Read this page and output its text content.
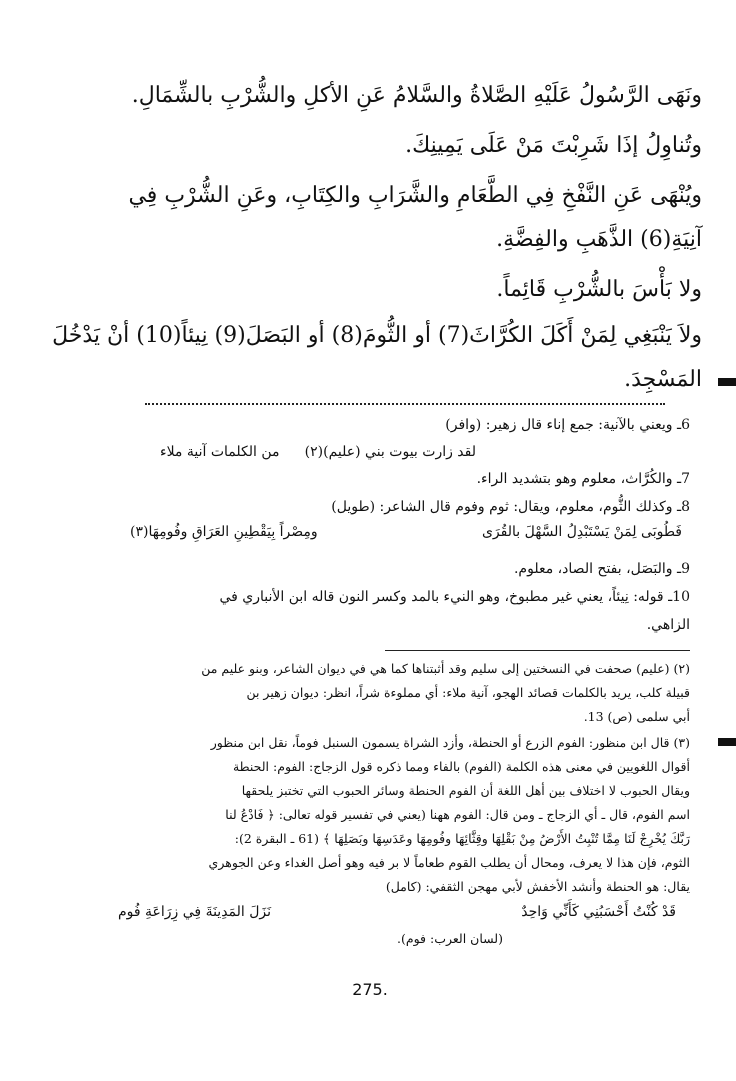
ونَهَى الرَّسُولُ عَلَيْهِ الصَّلاةُ والسَّلامُ عَنِ الأكلِ والشُّرْبِ بالشِّمَالِ.
وتُناوِلُ إذَا شَرِبْتَ مَنْ عَلَى يَمِينِكَ.
ويُنْهَى عَنِ النَّفْخِ فِي الطَّعَامِ والشَّرَابِ والكِتَابِ، وعَنِ الشُّرْبِ فِي
آنِيَةِ(6) الذَّهَبِ والفِضَّةِ.
ولا بَأْسَ بالشُّرْبِ قَائِماً.
ولاَ يَنْبَغِي لِمَنْ أَكَلَ الكُرَّاثَ(7) أو الثُّومَ(8) أو البَصَلَ(9) نِيئاً(10) أنْ يَدْخُلَ
المَسْجِدَ.
6ـ ويعني بالآنية: جمع إناء قال زهير: (وافر)
لقد زارت بيوت بني (عليم)(٢)
من الكلمات آنية ملاء
7ـ والكُرَّاث، معلوم وهو بتشديد الراء.
8ـ وكذلك الثُّوم، معلوم، ويقال: ثوم وفوم قال الشاعر: (طويل)
فَطُوبَى لِمَنْ يَسْتَبْدِلُ السَّهْلَ بالقُرَى
ومِصْراً بِيَقْطِينِ العَرَاقِ وفُومِهَا(٣)
9ـ والبَصَل، بفتح الصاد، معلوم.
10ـ قوله: نِيئاً، يعني غير مطبوخ، وهو النيء بالمد وكسر النون قاله ابن الأنباري في
الزاهي.
(٢) (عليم) صحفت في النسختين إلى سليم وقد أثبتناها كما هي في ديوان الشاعر، وبنو عليم من
قبيلة كلب، يريد بالكلمات قصائد الهجو، آنية ملاء: أي مملوءة شراً، انظر: ديوان زهير بن
أبي سلمى (ص) 13.
(٣) قال ابن منظور: الفوم الزرع أو الحنطة، وأزد الشراة يسمون السنبل فوماً، نقل ابن منظور
أقوال اللغويين في معنى هذه الكلمة (الفوم) بالفاء ومما ذكره قول الزجاج: الفوم: الحنطة
ويقال الحبوب لا اختلاف بين أهل اللغة أن الفوم الحنطة وسائر الحبوب التي تختبز يلحقها
اسم الفوم، قال ـ أي الزجاج ـ ومن قال: الفوم ههنا (يعني في تفسير قوله تعالى: ﴿ فَادْعُ لنا
رَبَّكَ يُخْرِجْ لَنَا مِمَّا تُنْبِتُ الأَرْضُ مِنْ بَقْلِهَا وقِثَّائِهَا وفُومِهَا وعَدَسِهَا وبَصَلِهَا ﴾ (61 ـ البقرة 2):
الثوم، فإن هذا لا يعرف، ومحال أن يطلب القوم طعاماً لا بر فيه وهو أصل الغداء وعن الجوهري
يقال: هو الحنطة وأنشد الأخفش لأبي مهجن الثقفي: (كامل)
قَدْ كُنْتُ أَحْسَبُنِي كَأَنِّي وَاحِدٌ
نَزَلَ المَدِينَةَ فِي زِرَاعَةِ فُوم
(لسان العرب: فوم).
275.
